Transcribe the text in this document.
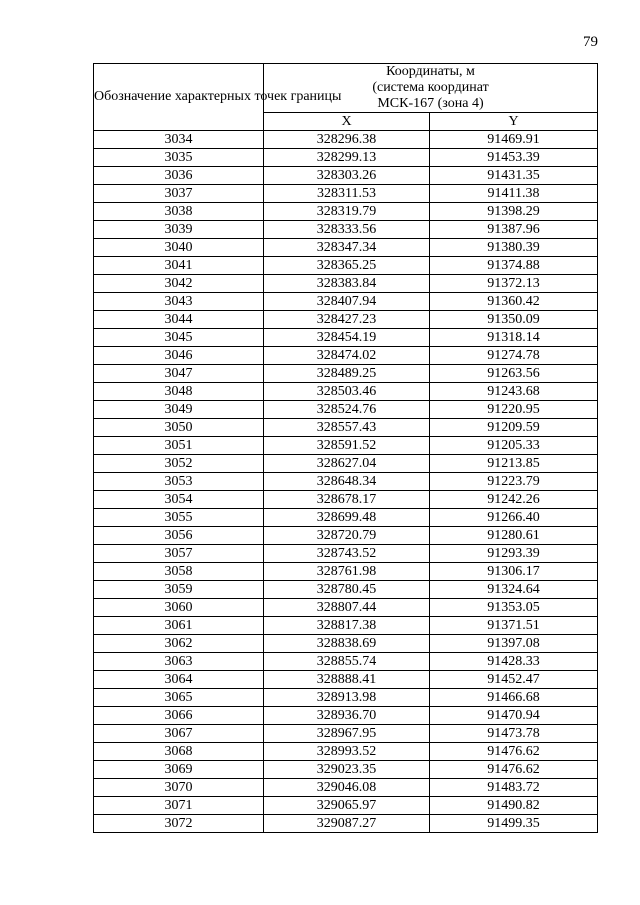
79
Обозначение характерных точек границы	Координаты, м
(система координат
МСК-167 (зона 4)	

	X	Y
3034	328296.38	91469.91
3035	328299.13	91453.39
3036	328303.26	91431.35
3037	328311.53	91411.38
3038	328319.79	91398.29
3039	328333.56	91387.96
3040	328347.34	91380.39
3041	328365.25	91374.88
3042	328383.84	91372.13
3043	328407.94	91360.42
3044	328427.23	91350.09
3045	328454.19	91318.14
3046	328474.02	91274.78
3047	328489.25	91263.56
3048	328503.46	91243.68
3049	328524.76	91220.95
3050	328557.43	91209.59
3051	328591.52	91205.33
3052	328627.04	91213.85
3053	328648.34	91223.79
3054	328678.17	91242.26
3055	328699.48	91266.40
3056	328720.79	91280.61
3057	328743.52	91293.39
3058	328761.98	91306.17
3059	328780.45	91324.64
3060	328807.44	91353.05
3061	328817.38	91371.51
3062	328838.69	91397.08
3063	328855.74	91428.33
3064	328888.41	91452.47
3065	328913.98	91466.68
3066	328936.70	91470.94
3067	328967.95	91473.78
3068	328993.52	91476.62
3069	329023.35	91476.62
3070	329046.08	91483.72
3071	329065.97	91490.82
3072	329087.27	91499.35
